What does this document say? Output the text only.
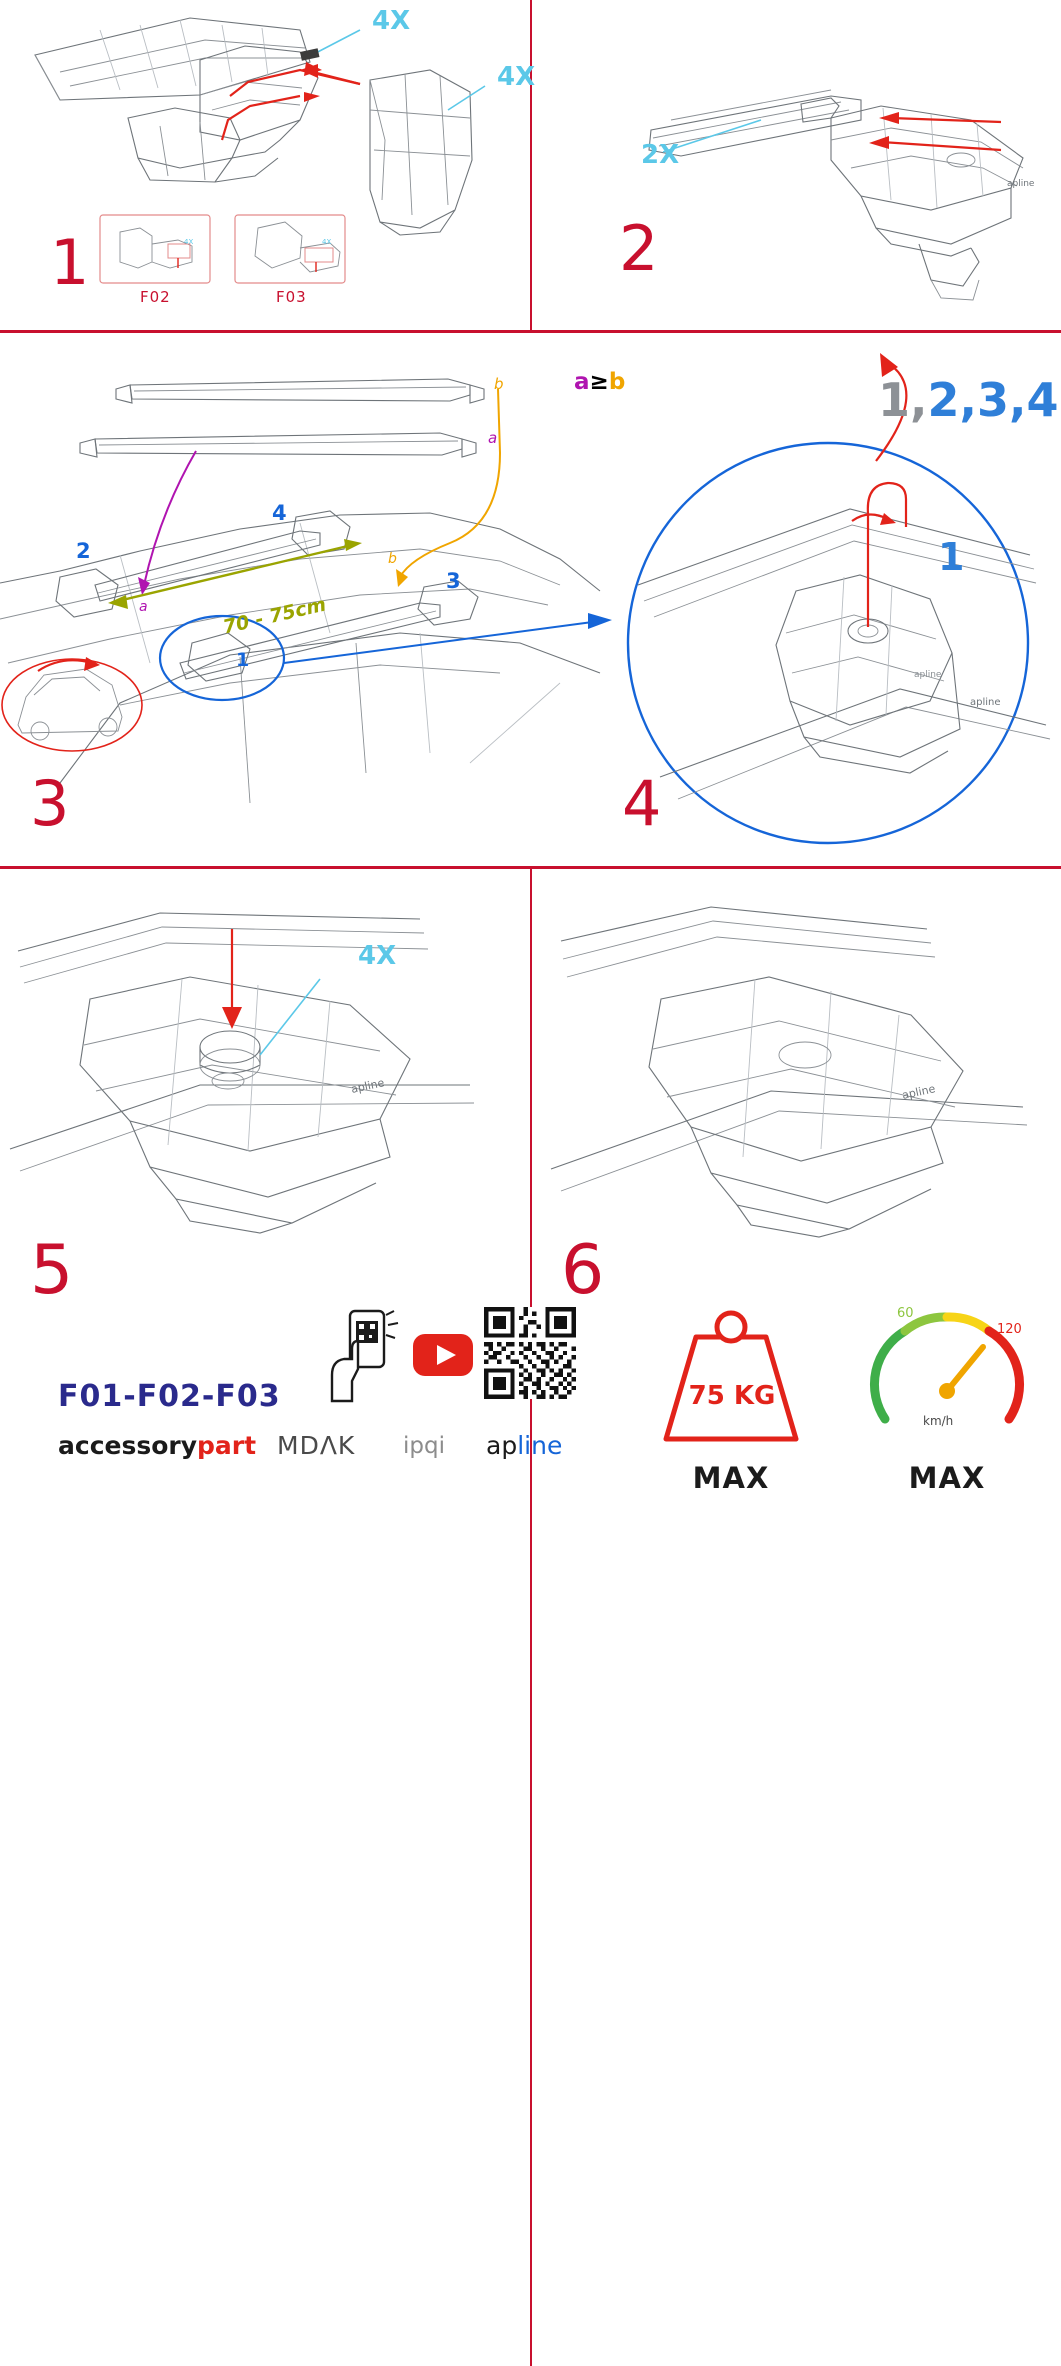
4X	4X
1
4X
4X
F02	F03
apline
2
2X
3
b
a
b
a	70 - 75cm
1
2
3
4
a≥b
apline
apline
4
1,2,3,4
1
apline
4X
5
F01-F02-F03
accessorypart MDΛK ipqi apline
apline
6
75 KG
MAX
60
120
km/h
MAX
